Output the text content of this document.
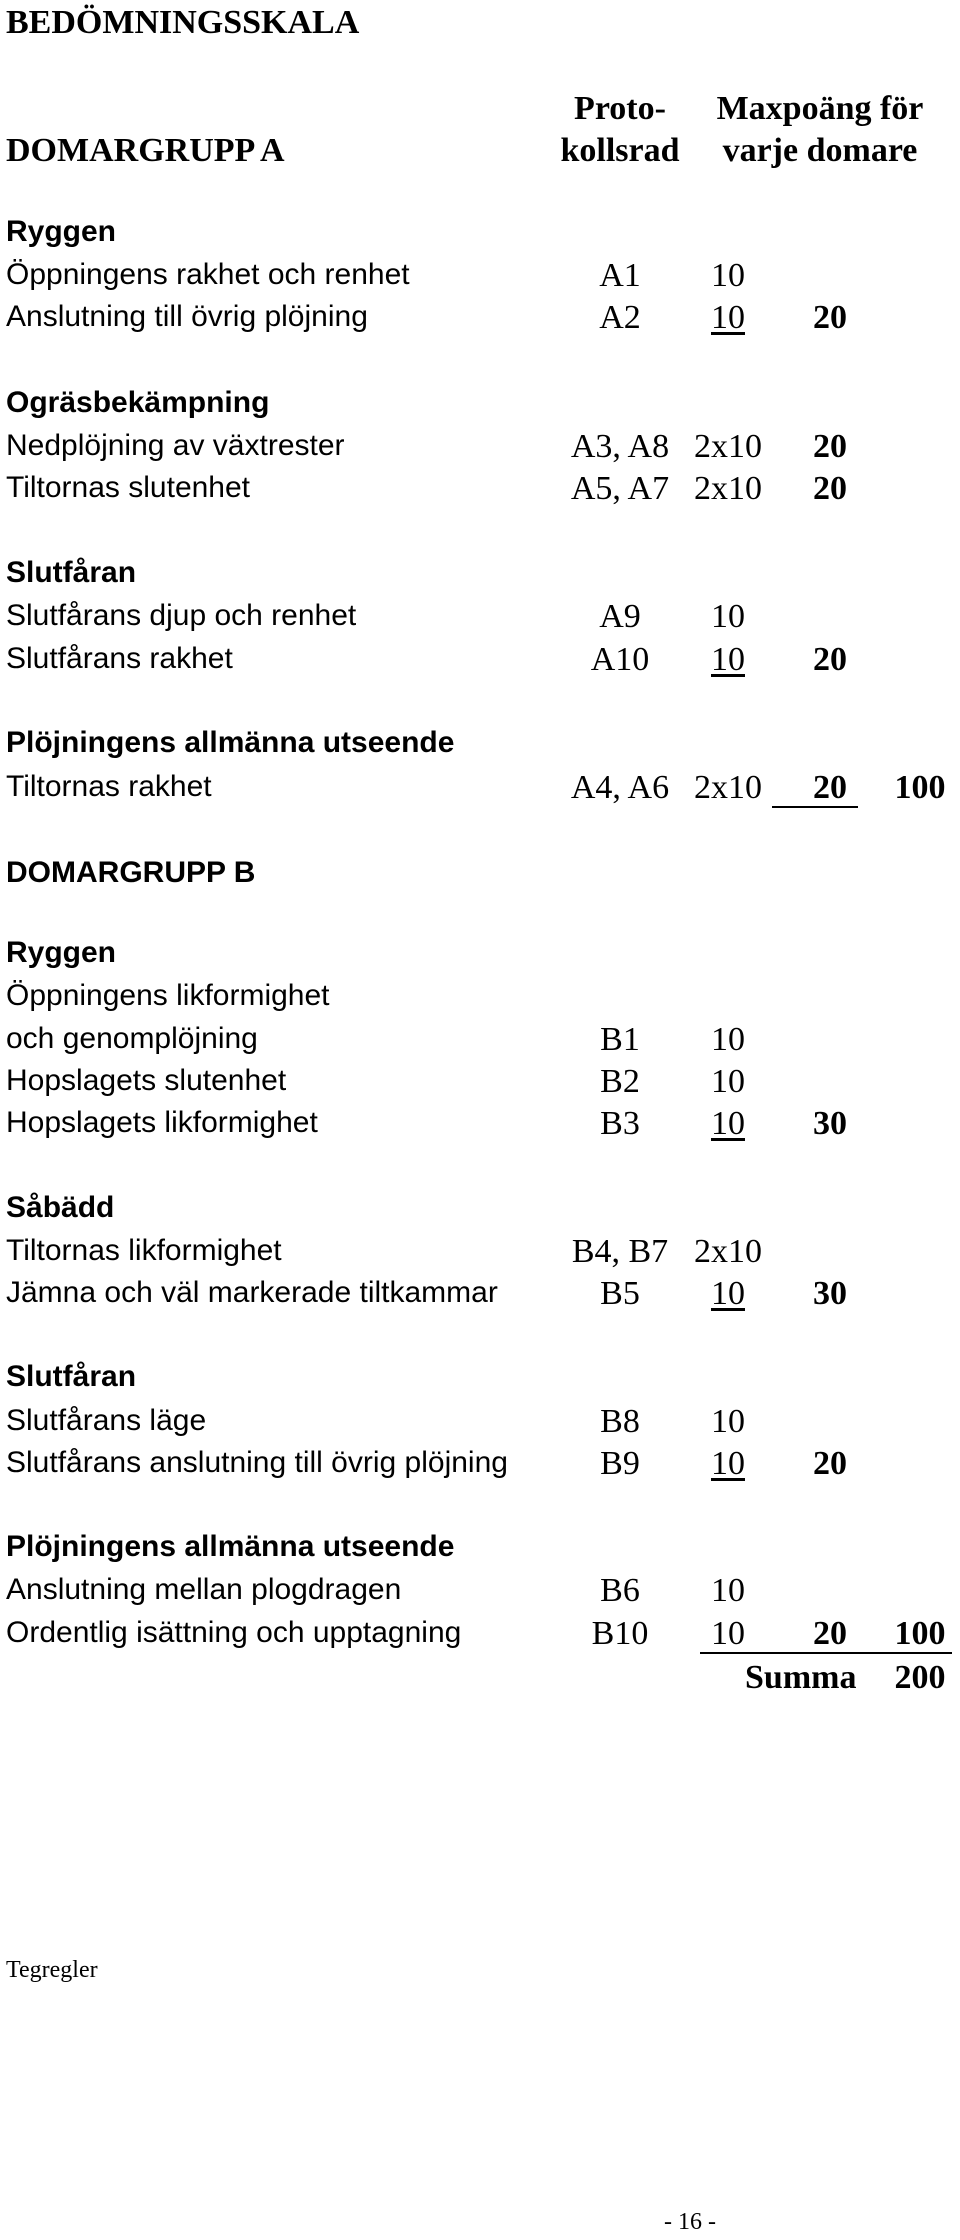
BEDÖMNINGSSKALA
DOMARGRUPP A
Proto-
kollsrad
Maxpoäng för
varje domare
Ryggen
Öppningens rakhet och renhet	A1	10
Anslutning till övrig plöjning	A2	10	20
Ogräsbekämpning
Nedplöjning av växtrester	A3, A8 2x10	20
Tiltornas slutenhet	A5, A7 2x10	20
Slutfåran
Slutfårans djup och renhet	A9	10
Slutfårans rakhet	A10	10	20
Plöjningens allmänna utseende
Tiltornas rakhet	A4, A6 2x10	20	100
DOMARGRUPP B
Ryggen
Öppningens likformighet
och genomplöjning	B1	10
Hopslagets slutenhet	B2	10
Hopslagets likformighet	B3	10	30
Såbädd
Tiltornas likformighet	B4, B7 2x10
Jämna och väl markerade tiltkammar	B5	10	30
Slutfåran
Slutfårans läge	B8	10
Slutfårans anslutning till övrig plöjning	B9	10	20
Plöjningens allmänna utseende
Anslutning mellan plogdragen	B6	10
Ordentlig isättning och upptagning	B10	10	20	100
Summa	200
Tegregler
- 16 -
